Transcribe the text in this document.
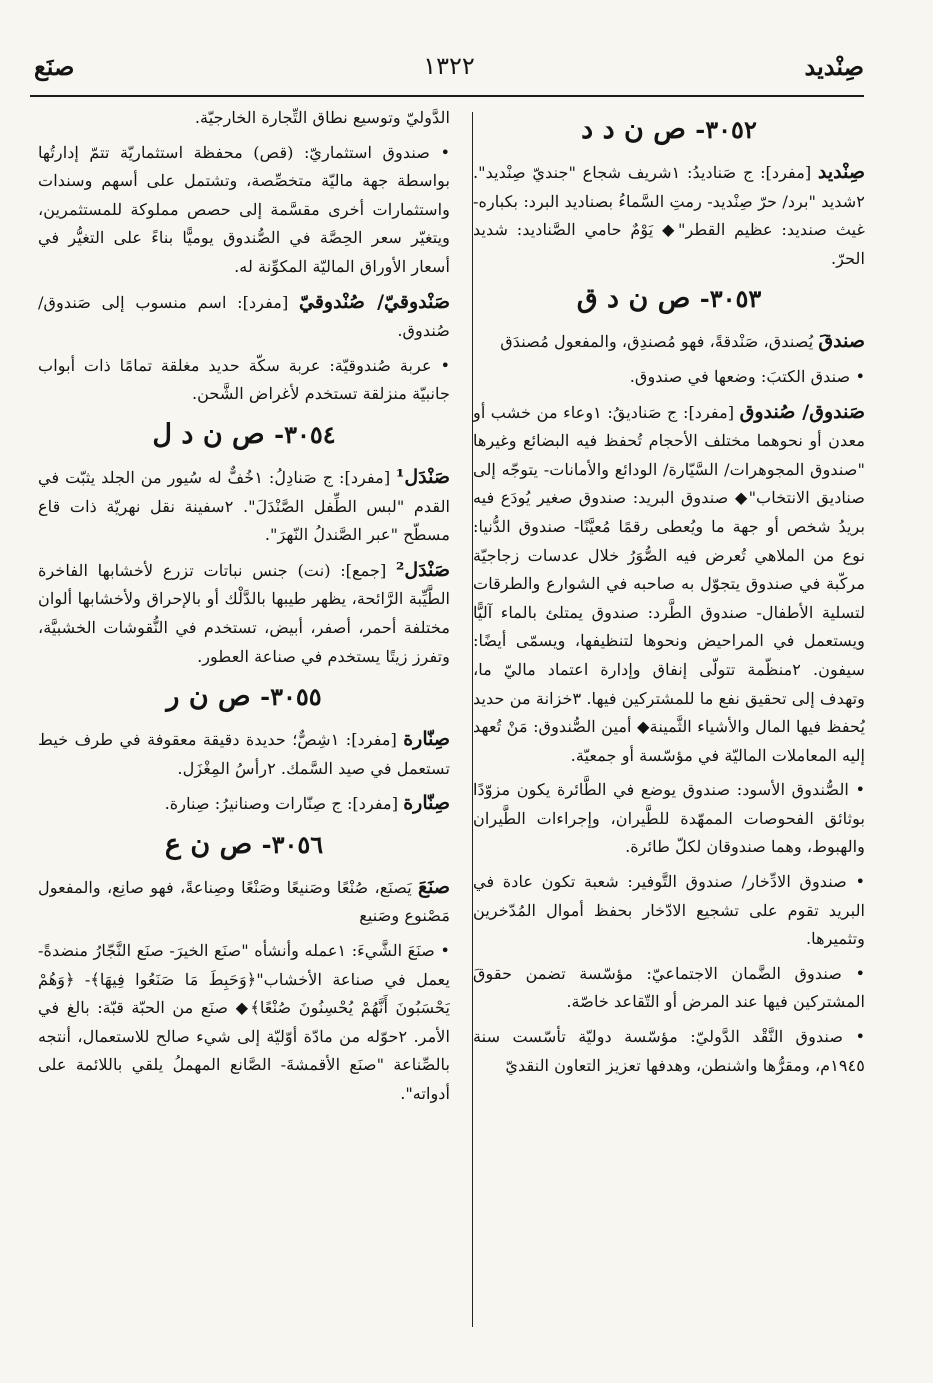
صِنْديد
١٣٢٢
صنَع
٣٠٥٢- ص ن د د

صِنْديد [مفرد]: ج صَناديدُ: ١شريف شجاع "جنديّ صِنْديد". ٢شديد "برد/ حرّ صِنْديد- رمتِ السَّماءُ بصناديد البرد: بكباره- غيث صنديد: عظيم القطر"◆ يَوْمٌ حامي الصَّناديد: شديد الحرّ.

٣٠٥٣- ص ن د ق

صندقَ يُصندق، صَنْدقةً، فهو مُصندِق، والمفعول مُصندَق

• صندق الكتبَ: وضعها في صندوق.

صَندوق/ صُندوق [مفرد]: ج صَناديقُ: ١وعاء من خشب أو معدن أو نحوهما مختلف الأحجام تُحفظ فيه البضائع وغيرها "صندوق المجوهرات/ السَّيّارة/ الودائع والأمانات- يتوجّه إلى صناديق الانتخاب"◆ صندوق البريد: صندوق صغير يُودَع فيه بريدُ شخص أو جهة ما ويُعطى رقمًا مُعيَّنًا- صندوق الدُّنيا: نوع من الملاهي تُعرض فيه الصُّوَرُ خلال عدسات زجاجيّة مركّبة في صندوق يتجوّل به صاحبه في الشوارع والطرقات لتسلية الأطفال- صندوق الطَّرد: صندوق يمتلئ بالماء آليًّا ويستعمل في المراحيض ونحوها لتنظيفها، ويسمّى أيضًا: سيفون. ٢منظّمة تتولّى إنفاق وإدارة اعتماد ماليّ ما، وتهدف إلى تحقيق نفع ما للمشتركين فيها. ٣خزانة من حديد يُحفظ فيها المال والأشياء الثَّمينة◆ أمين الصُّندوق: مَنْ تُعهد إليه المعاملات الماليّة في مؤسّسة أو جمعيّة.

• الصُّندوق الأسود: صندوق يوضع في الطَّائرة يكون مزوّدًا بوثائق الفحوصات الممهّدة للطَّيران، وإجراءات الطَّيران والهبوط، وهما صندوقان لكلّ طائرة.

• صندوق الادِّخار/ صندوق التَّوفير: شعبة تكون عادة في البريد تقوم على تشجيع الادّخار بحفظ أموال المُدّخرين وتثميرها.

• صندوق الضَّمان الاجتماعيّ: مؤسّسة تضمن حقوقَ المشتركين فيها عند المرض أو التّقاعد خاصّة.

• صندوق النَّقْد الدَّوليّ: مؤسّسة دوليّة تأسّست سنة ١٩٤٥م، ومقرُّها واشنطن، وهدفها تعزيز التعاون النقديّ

الدَّوليّ وتوسيع نطاق التِّجارة الخارجيّة.

• صندوق استثماريّ: (قص) محفظة استثماريّة تتمّ إدارتُها بواسطة جهة ماليّة متخصِّصة، وتشتمل على أسهم وسندات واستثمارات أخرى مقسَّمة إلى حصص مملوكة للمستثمرين، ويتغيّر سعر الحِصَّة في الصُّندوق يوميًّا بناءً على التغيُّر في أسعار الأوراق الماليّة المكوِّنة له.

صَنْدوقيّ/ صُنْدوقيّ [مفرد]: اسم منسوب إلى صَندوق/ صُندوق.

• عربة صُندوقيّة: عربة سكّة حديد مغلقة تمامًا ذات أبواب جانبيّة منزلقة تستخدم لأغراض الشَّحن.

٣٠٥٤- ص ن د ل

صَنْدَل¹ [مفرد]: ج صَنادِلُ: ١خُفٌّ له سُيور من الجلد يثبّت في القدم "لبس الطِّفل الصَّنْدَلَ". ٢سفينة نقل نهريّة ذات قاع مسطّح "عبر الصَّندلُ النّهرَ".

صَنْدَل² [جمع]: (نت) جنس نباتات تزرع لأخشابها الفاخرة الطَّيِّبة الرَّائحة، يظهر طيبها بالدَّلْك أو بالإحراق ولأخشابها ألوان مختلفة أحمر، أصفر، أبيض، تستخدم في النُّقوشات الخشبيَّة، وتفرز زيتًا يستخدم في صناعة العطور.

٣٠٥٥- ص ن ر

صِنّارة [مفرد]: ١شِصٌّ؛ حديدة دقيقة معقوفة في طرف خيط تستعمل في صيد السَّمك. ٢رأسُ المِغْزَل.

صِنّارة [مفرد]: ج صِنّارات وصنانيرُ: صِنارة.

٣٠٥٦- ص ن ع

صنَعَ يَصنَع، صُنْعًا وصَنيعًا وصَنْعًا وصِناعةً، فهو صانِع، والمفعول مَصْنوع وصَنيع

• صنَعَ الشَّيءَ: ١عمله وأنشأه "صنَع الخيرَ- صنَع النَّجّارُ منضدةً- يعمل في صناعة الأخشاب"﴿وَحَبِطَ مَا صَنَعُوا فِيهَا﴾- ﴿وَهُمْ يَحْسَبُونَ أَنَّهُمْ يُحْسِنُونَ صُنْعًا﴾◆ صنَع من الحبّة قبّة: بالغ في الأمر. ٢حوّله من مادّة أوّليّة إلى شيء صالح للاستعمال، أنتجه بالصِّناعة "صنَع الأقمشةَ- الصَّانع المهملُ يلقي باللائمة على أدواته".
